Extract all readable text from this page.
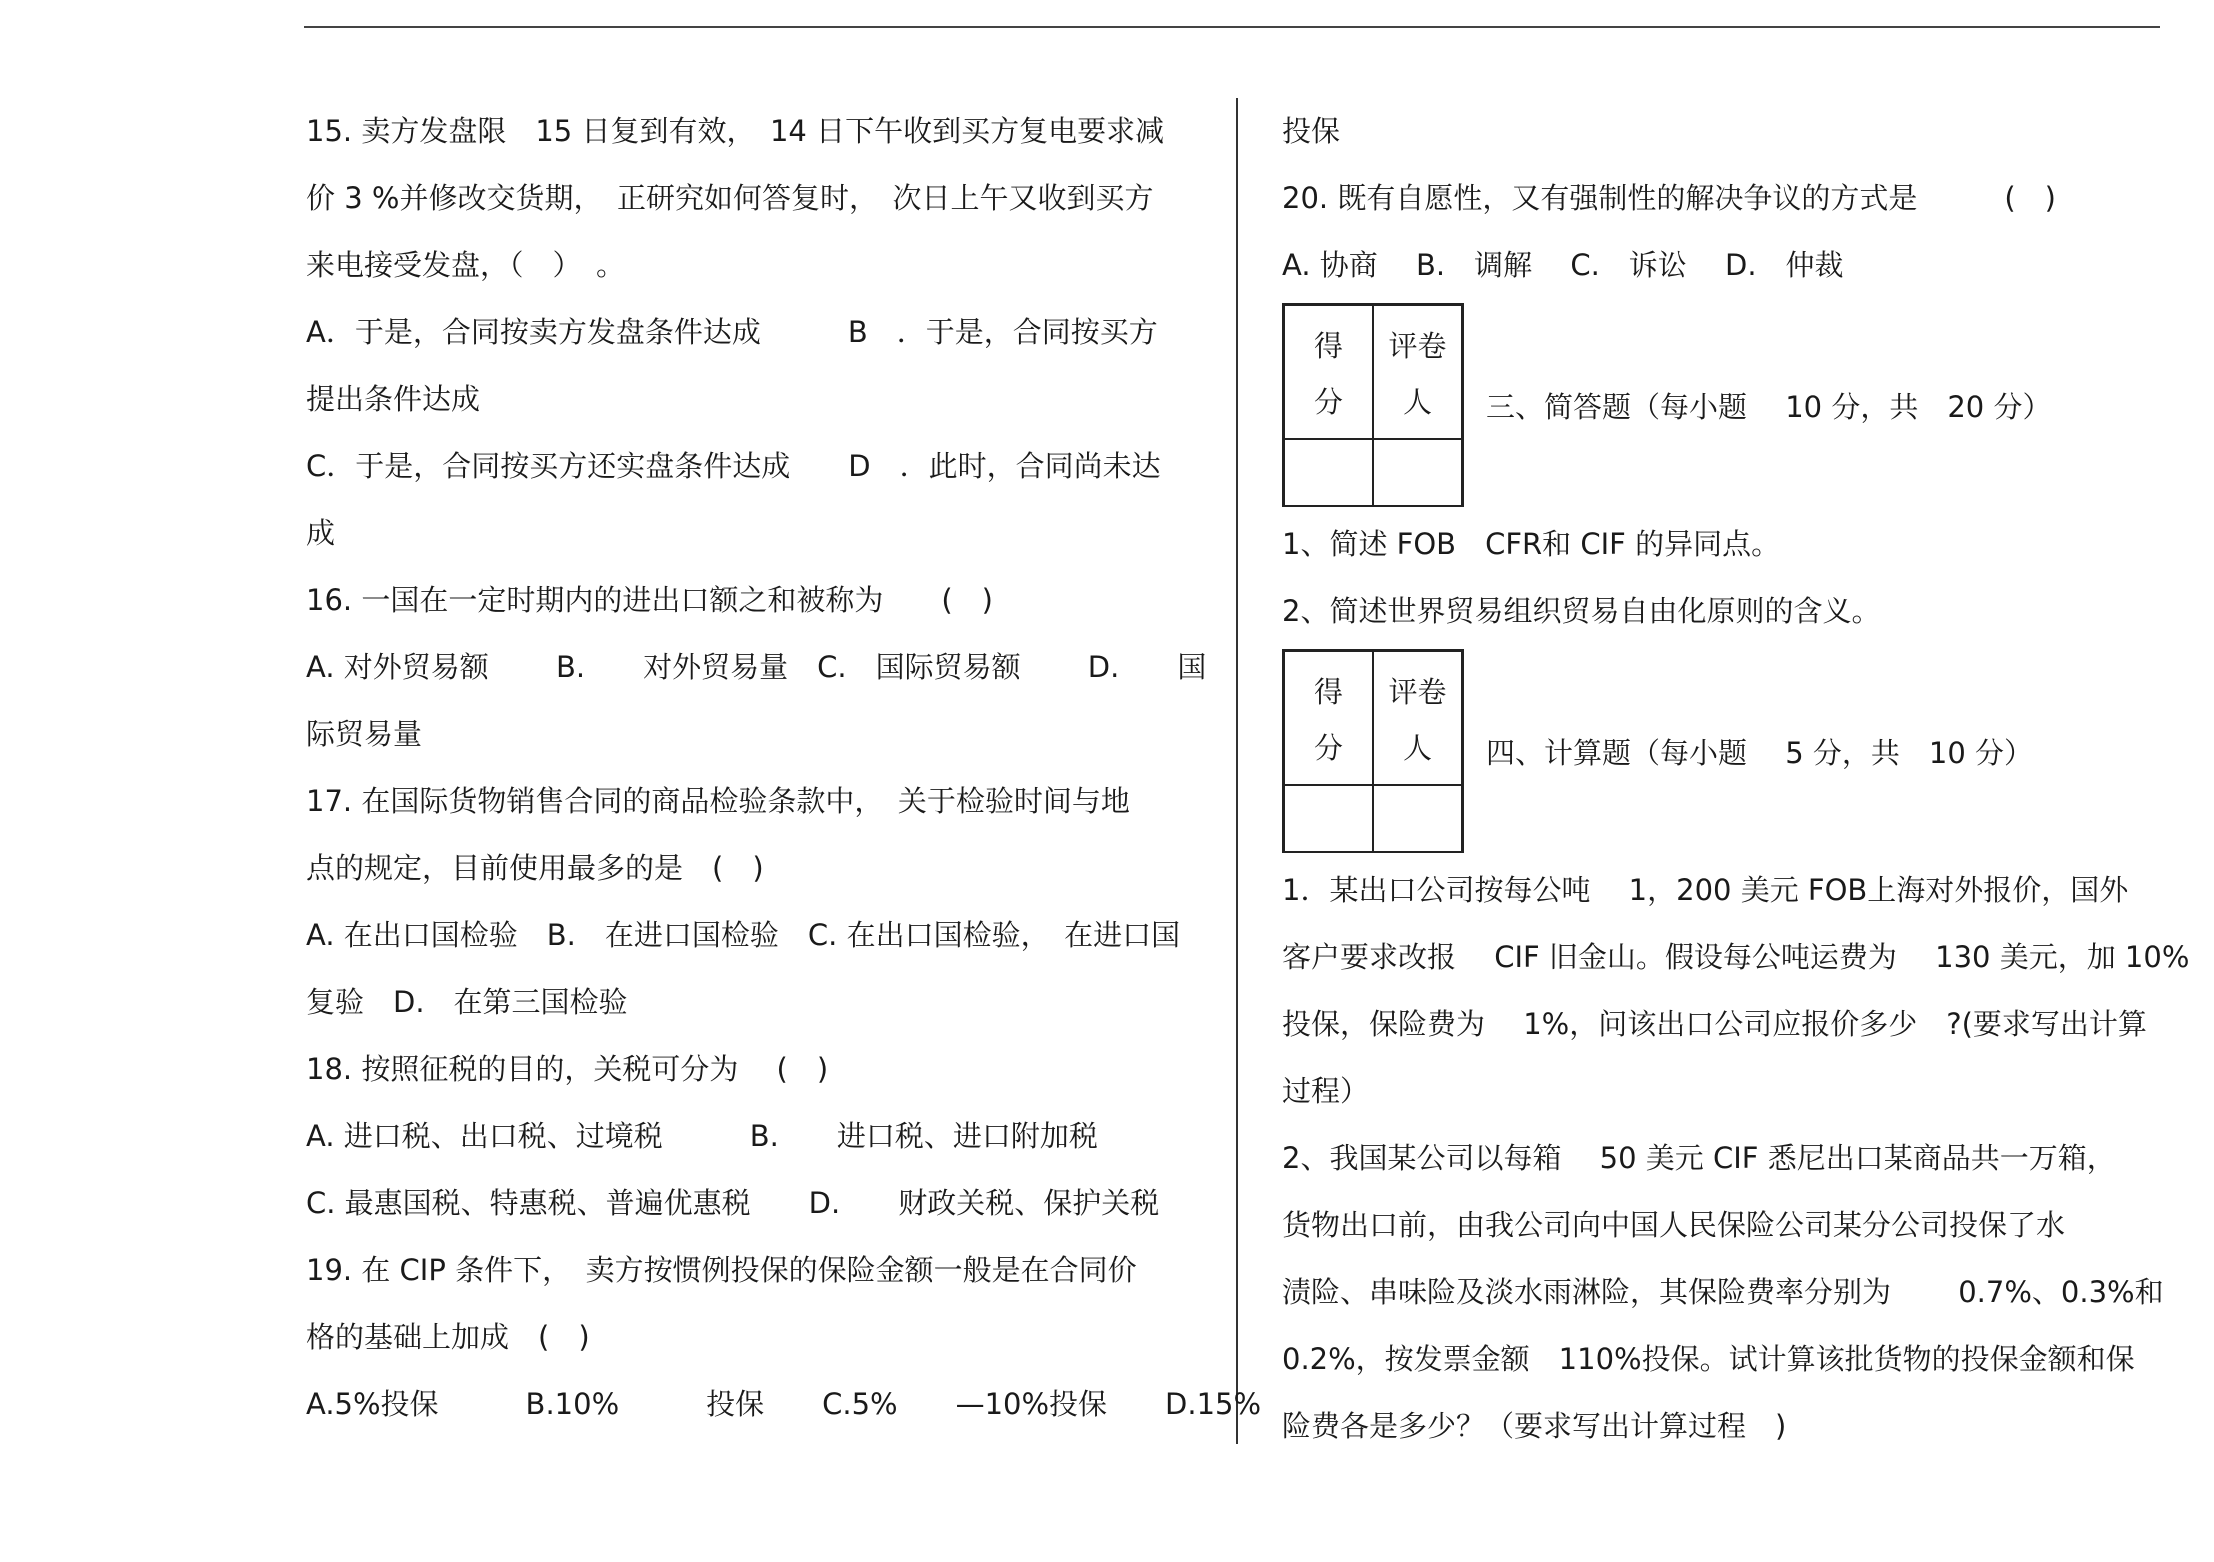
15. 卖方发盘限　15 日复到有效，　14 日下午收到买方复电要求减
价 3 %并修改交货期，　正研究如何答复时，　次日上午又收到买方
来电接受发盘，（　）　。
A．于是，合同按卖方发盘条件达成　　　B　．于是，合同按买方
提出条件达成
C．于是，合同按买方还实盘条件达成　　D　．此时，合同尚未达
成
16. 一国在一定时期内的进出口额之和被称为　　(　)
A. 对外贸易额　　 B.　　对外贸易量　C.　国际贸易额　　 D.　　国
际贸易量
17. 在国际货物销售合同的商品检验条款中，　关于检验时间与地
点的规定，目前使用最多的是　(　)
A. 在出口国检验　B.　在进口国检验　C. 在出口国检验，　在进口国
复验　D.　在第三国检验
18. 按照征税的目的，关税可分为　 (　)
A. 进口税、出口税、过境税　　　B.　　进口税、进口附加税
C. 最惠国税、特惠税、普遍优惠税　　D.　　财政关税、保护关税
19. 在 CIP 条件下，　卖方按惯例投保的保险金额一般是在合同价
格的基础上加成　(　)
A.5%投保　　　B.10%　　　投保　　C.5%　　—10%投保　　D.15%
投保
20. 既有自愿性，又有强制性的解决争议的方式是　　　(　)
A. 协商　 B.　调解　 C.　诉讼　 D.　仲裁
得
分
评卷
人 三、简答题（每小题　 10 分，共　20 分）
1、简述 FOB　CFR和 CIF 的异同点。
2、简述世界贸易组织贸易自由化原则的含义。
得
分
评卷
人 四、计算题（每小题　 5 分，共　10 分）
1．某出口公司按每公吨　 1，200 美元 FOB上海对外报价，国外
客户要求改报　 CIF 旧金山。假设每公吨运费为　 130 美元，加 10%
投保，保险费为　 1%，问该出口公司应报价多少　?(要求写出计算
过程）
2、我国某公司以每箱　 50 美元 CIF 悉尼出口某商品共一万箱，
货物出口前，由我公司向中国人民保险公司某分公司投保了水
渍险、串味险及淡水雨淋险，其保险费率分别为　　 0.7%、0.3%和
0.2%，按发票金额　110%投保。试计算该批货物的投保金额和保
险费各是多少？（要求写出计算过程　)
